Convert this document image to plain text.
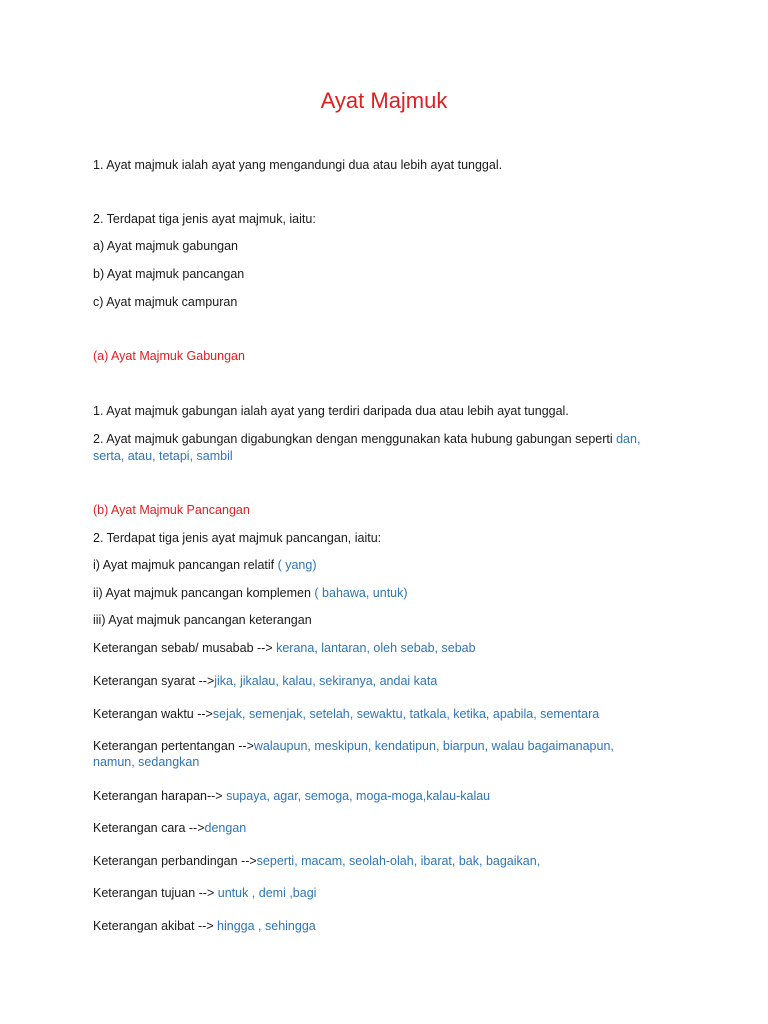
Ayat Majmuk
1. Ayat majmuk ialah ayat yang mengandungi dua atau lebih ayat tunggal.
2. Terdapat tiga jenis ayat majmuk, iaitu:
a) Ayat majmuk gabungan
b) Ayat majmuk pancangan
c) Ayat majmuk campuran
(a) Ayat Majmuk Gabungan
1. Ayat majmuk gabungan ialah ayat yang terdiri daripada dua atau lebih ayat tunggal.
2. Ayat majmuk gabungan digabungkan dengan menggunakan kata hubung gabungan seperti dan,
serta, atau, tetapi, sambil
(b) Ayat Majmuk Pancangan
2. Terdapat tiga jenis ayat majmuk pancangan, iaitu:
i) Ayat majmuk pancangan relatif ( yang)
ii) Ayat majmuk pancangan komplemen ( bahawa, untuk)
iii) Ayat majmuk pancangan keterangan
Keterangan sebab/ musabab --> kerana, lantaran, oleh sebab, sebab
Keterangan syarat -->jika, jikalau, kalau, sekiranya, andai kata
Keterangan waktu -->sejak, semenjak, setelah, sewaktu, tatkala, ketika, apabila, sementara
Keterangan pertentangan -->walaupun, meskipun, kendatipun, biarpun, walau bagaimanapun,
namun, sedangkan
Keterangan harapan--> supaya, agar, semoga, moga-moga,kalau-kalau
Keterangan cara -->dengan
Keterangan perbandingan -->seperti, macam, seolah-olah, ibarat, bak, bagaikan,
Keterangan tujuan --> untuk , demi ,bagi
Keterangan akibat --> hingga , sehingga
